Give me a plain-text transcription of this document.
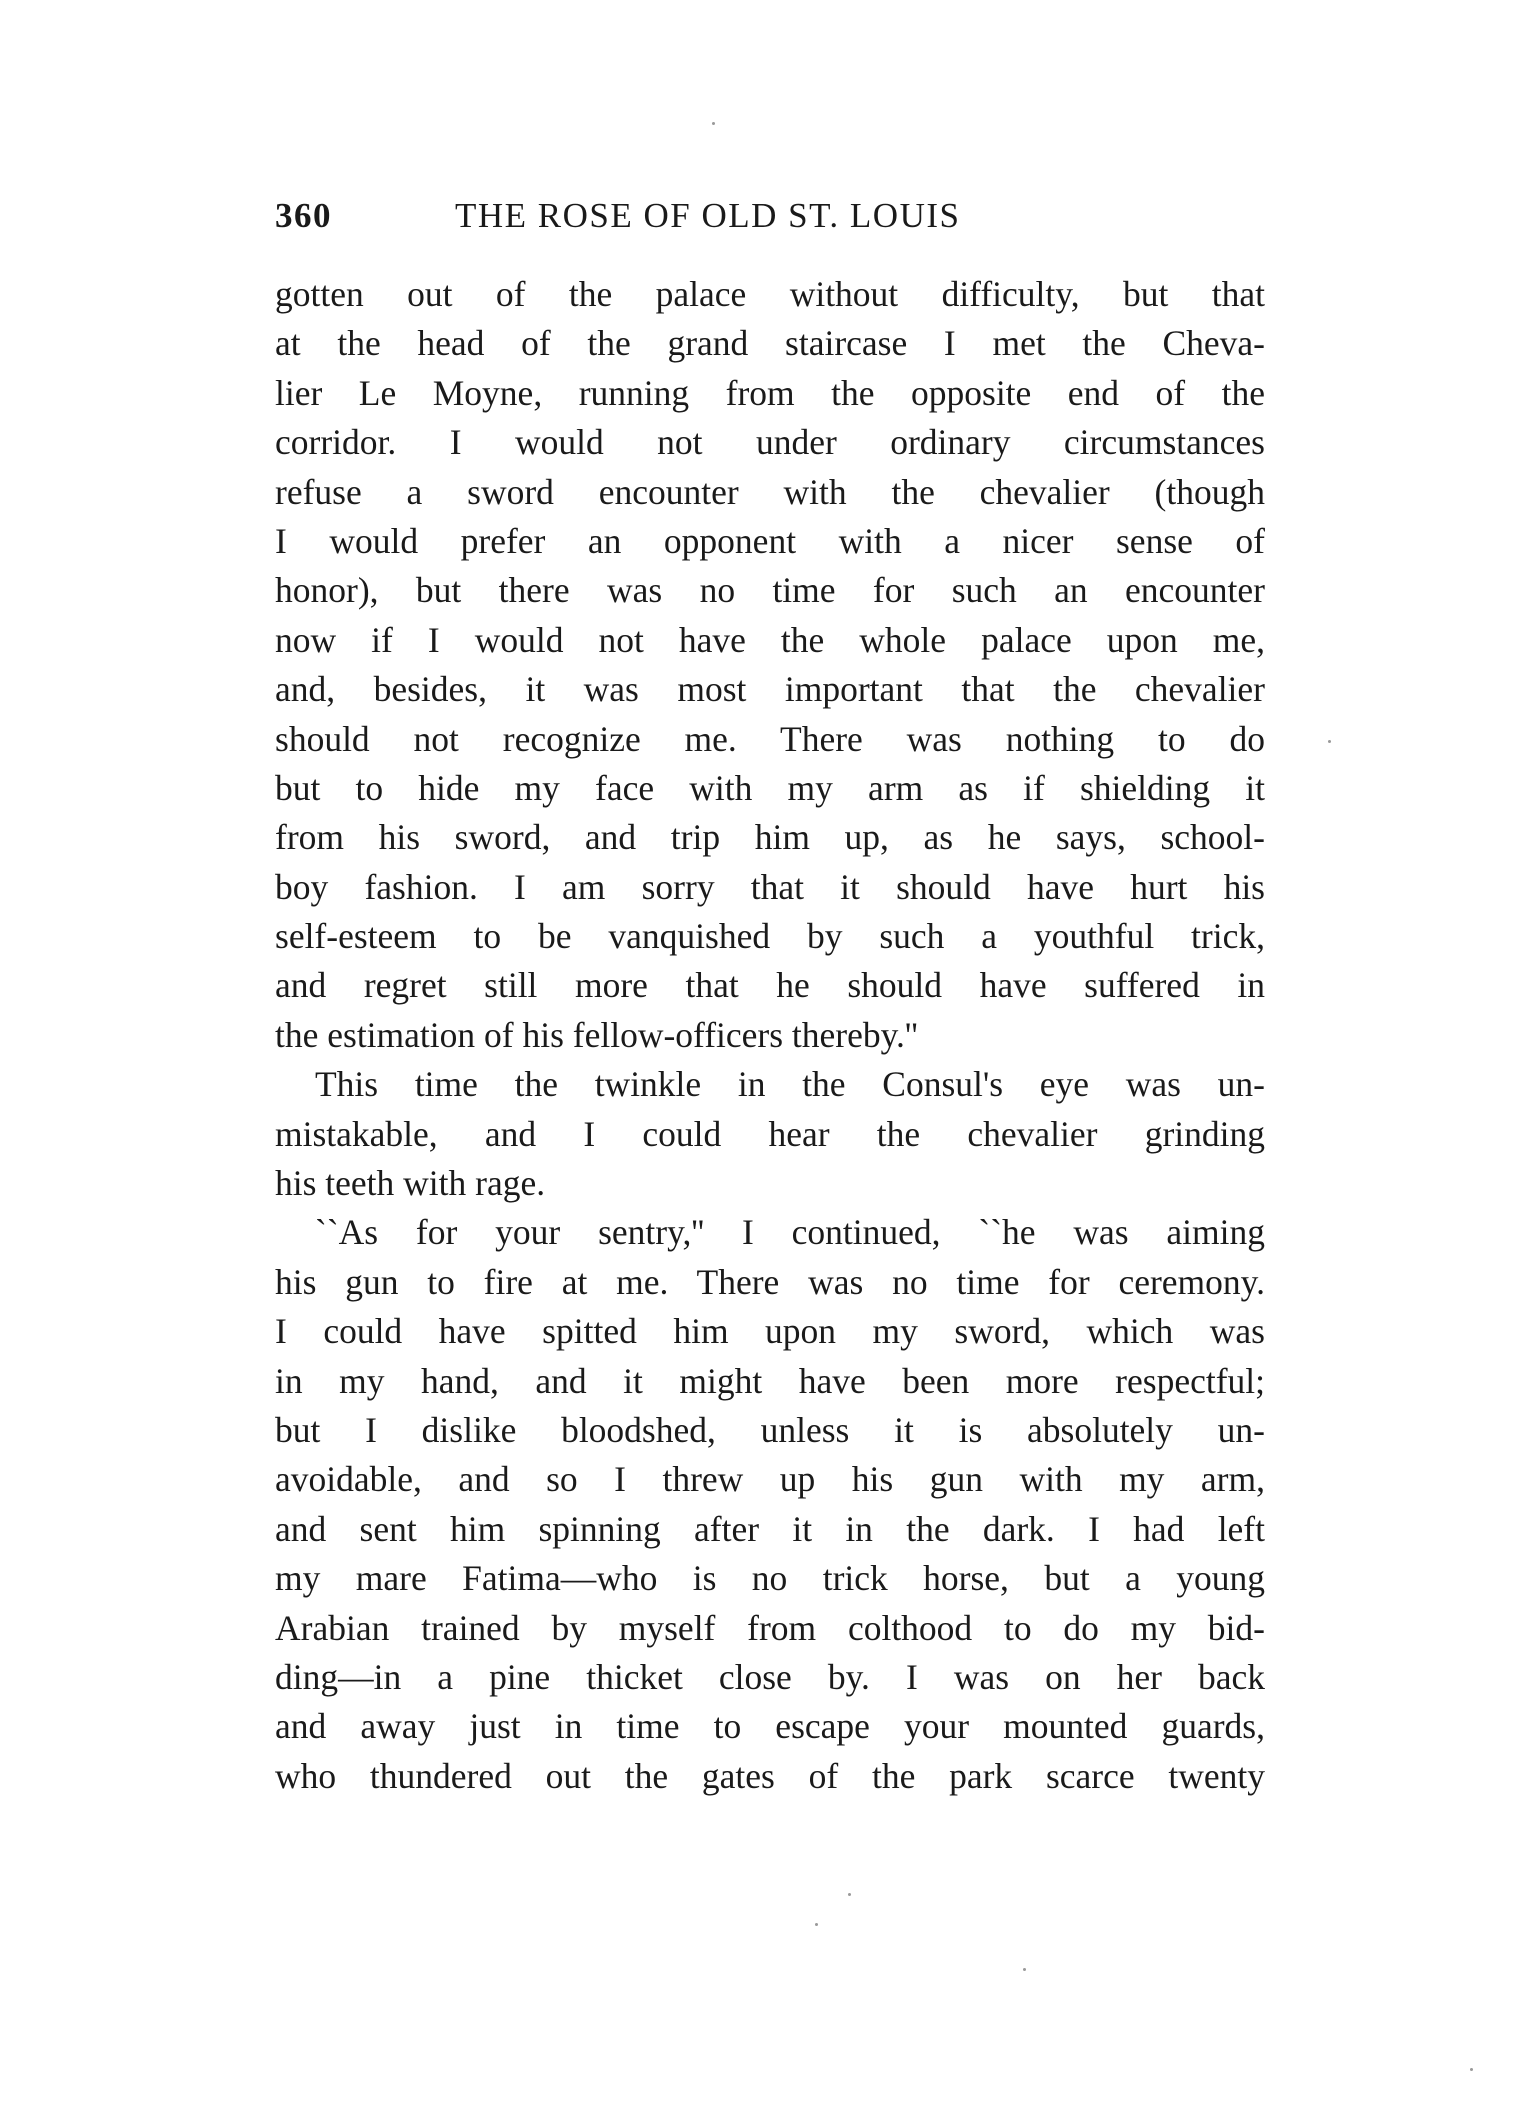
360	THE ROSE OF OLD ST. LOUIS
gotten out of the palace without difficulty, but that
at the head of the grand staircase I met the Cheva-
lier Le Moyne, running from the opposite end of the
corridor. I would not under ordinary circumstances
refuse a sword encounter with the chevalier (though
I would prefer an opponent with a nicer sense of
honor), but there was no time for such an encounter
now if I would not have the whole palace upon me,
and, besides, it was most important that the chevalier
should not recognize me. There was nothing to do
but to hide my face with my arm as if shielding it
from his sword, and trip him up, as he says, school-
boy fashion. I am sorry that it should have hurt his
self-esteem to be vanquished by such a youthful trick,
and regret still more that he should have suffered in
the estimation of his fellow-officers thereby.''
This time the twinkle in the Consul's eye was un-
mistakable, and I could hear the chevalier grinding
his teeth with rage.
``As for your sentry,'' I continued, ``he was aiming
his gun to fire at me. There was no time for ceremony.
I could have spitted him upon my sword, which was
in my hand, and it might have been more respectful;
but I dislike bloodshed, unless it is absolutely un-
avoidable, and so I threw up his gun with my arm,
and sent him spinning after it in the dark. I had left
my mare Fatima—who is no trick horse, but a young
Arabian trained by myself from colthood to do my bid-
ding—in a pine thicket close by. I was on her back
and away just in time to escape your mounted guards,
who thundered out the gates of the park scarce twenty
